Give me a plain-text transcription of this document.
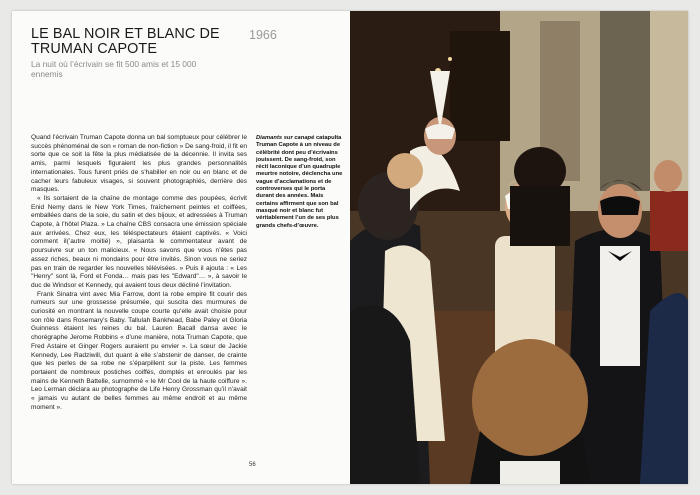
LE BAL NOIR ET BLANC DE TRUMAN CAPOTE
1966
La nuit où l’écrivain se fit 500 amis et 15 000 ennemis

Quand l’écrivain Truman Capote donna un bal somptueux pour célébrer le succès phénoménal de son « roman de non-fiction » De sang-froid, il fit en sorte que ce soit la fête la plus médiatisée de la décennie. Il invita ses amis, parmi lesquels figuraient les plus grandes personnalités internationales. Tous furent priés de s’habiller en noir ou en blanc et de cacher leurs fabuleux visages, si souvent photographiés, derrière des masques.

« Ils sortaient de la chaîne de montage comme des poupées, écrivit Enid Nemy dans le New York Times, fraîchement peintes et coiffées, emballées dans de la soie, du satin et des bijoux, et adressées à Truman Capote, à l’hôtel Plaza. » La chaîne CBS consacra une émission spéciale aux arrivées. Chez eux, les téléspectateurs étaient captivés. « Voici comment il(’autre moitié) », plaisanta le commentateur avant de poursuivre sur un ton malicieux. « Nous savons que vous n’êtes pas assez riches, beaux ni mondains pour être invités. Sinon vous ne seriez pas en train de regarder les nouvelles télévisées. » Puis il ajouta : « Les "Henry" sont là, Ford et Fonda… mais pas les "Edward"… », à savoir le duc de Windsor et Kennedy, qui avaient tous deux décliné l’invitation.

Frank Sinatra vint avec Mia Farrow, dont la robe empire fit courir des rumeurs sur une grossesse présumée, qui suscita des murmures de curiosité en montrant la nouvelle coupe courte qu’elle avait choisie pour son rôle dans Rosemary’s Baby. Tallulah Bankhead, Babe Paley et Gloria Guinness étaient les reines du bal. Lauren Bacall dansa avec le chorégraphe Jerome Robbins « d’une manière, nota Truman Capote, que Fred Astaire et Ginger Rogers auraient pu envier ». La sœur de Jackie Kennedy, Lee Radziwill, dut quant à elle s’abstenir de danser, de crainte que les perles de sa robe ne s’éparpillent sur la piste. Les femmes portaient de nombreux postiches coiffés, domptés et enroulés par les mains de Kenneth Battelle, surnommé « le Mr Cool de la haute coiffure ». Leo Lerman déclara au photographe de Life Henry Grossman qu’il n’avait « jamais vu autant de belles femmes au même endroit et au même moment ».

Diamants sur canapé catapulta Truman Capote à un niveau de célébrité dont peu d’écrivains jouissent. De sang-froid, son récit laconique d’un quadruple meurtre notoire, déclencha une vague d’acclamations et de controverses qui le porta durant des années. Mais certains affirment que son bal masqué noir et blanc fut véritablement l’un de ses plus grands chefs-d’œuvre.
56
